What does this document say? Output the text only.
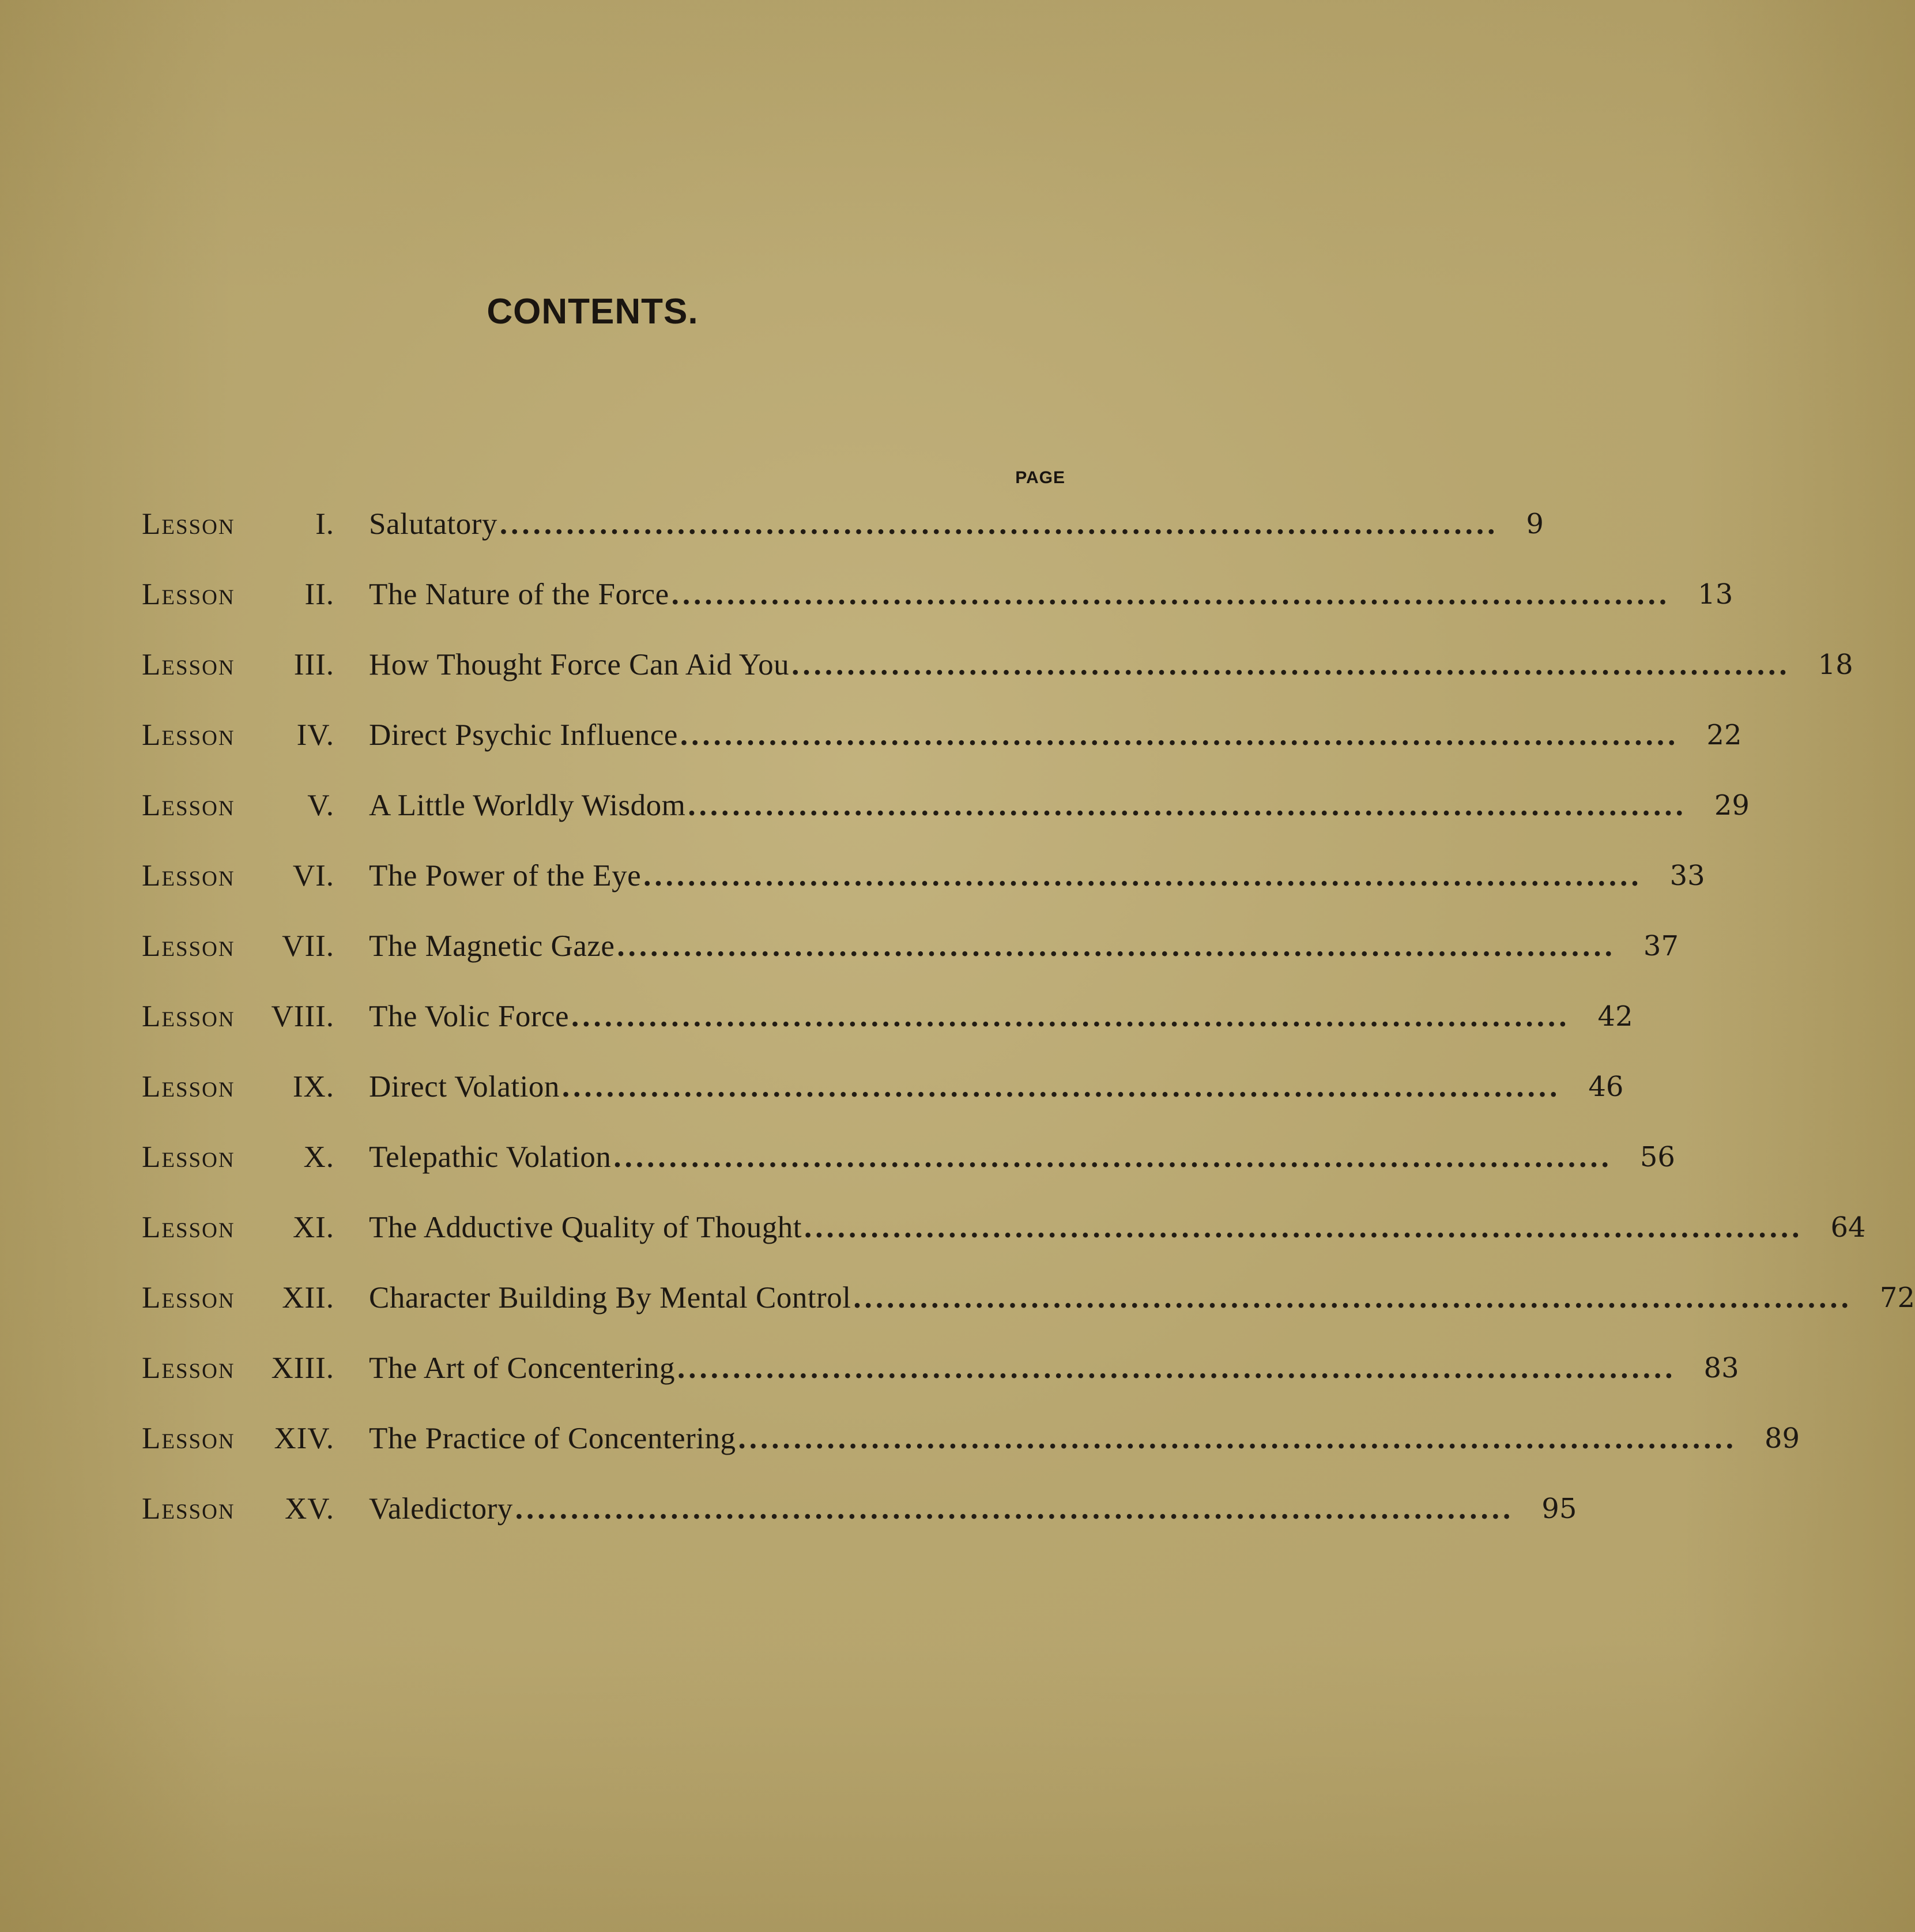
CONTENTS.
PAGE
Lesson	I. Salutatory .......................................................................................... 9
Lesson	II. The Nature of the Force .......................................................................................... 13
Lesson	III. How Thought Force Can Aid You .......................................................................................... 18
Lesson	IV. Direct Psychic Influence .......................................................................................... 22
Lesson	V. A Little Worldly Wisdom .......................................................................................... 29
Lesson	VI. The Power of the Eye .......................................................................................... 33
Lesson	VII. The Magnetic Gaze .......................................................................................... 37
Lesson	VIII. The Volic Force .......................................................................................... 42
Lesson	IX. Direct Volation .......................................................................................... 46
Lesson	X. Telepathic Volation .......................................................................................... 56
Lesson	XI. The Adductive Quality of Thought .......................................................................................... 64
Lesson	XII. Character Building By Mental Control .......................................................................................... 72
Lesson	XIII. The Art of Concentering .......................................................................................... 83
Lesson	XIV. The Practice of Concentering .......................................................................................... 89
Lesson	XV. Valedictory .......................................................................................... 95
